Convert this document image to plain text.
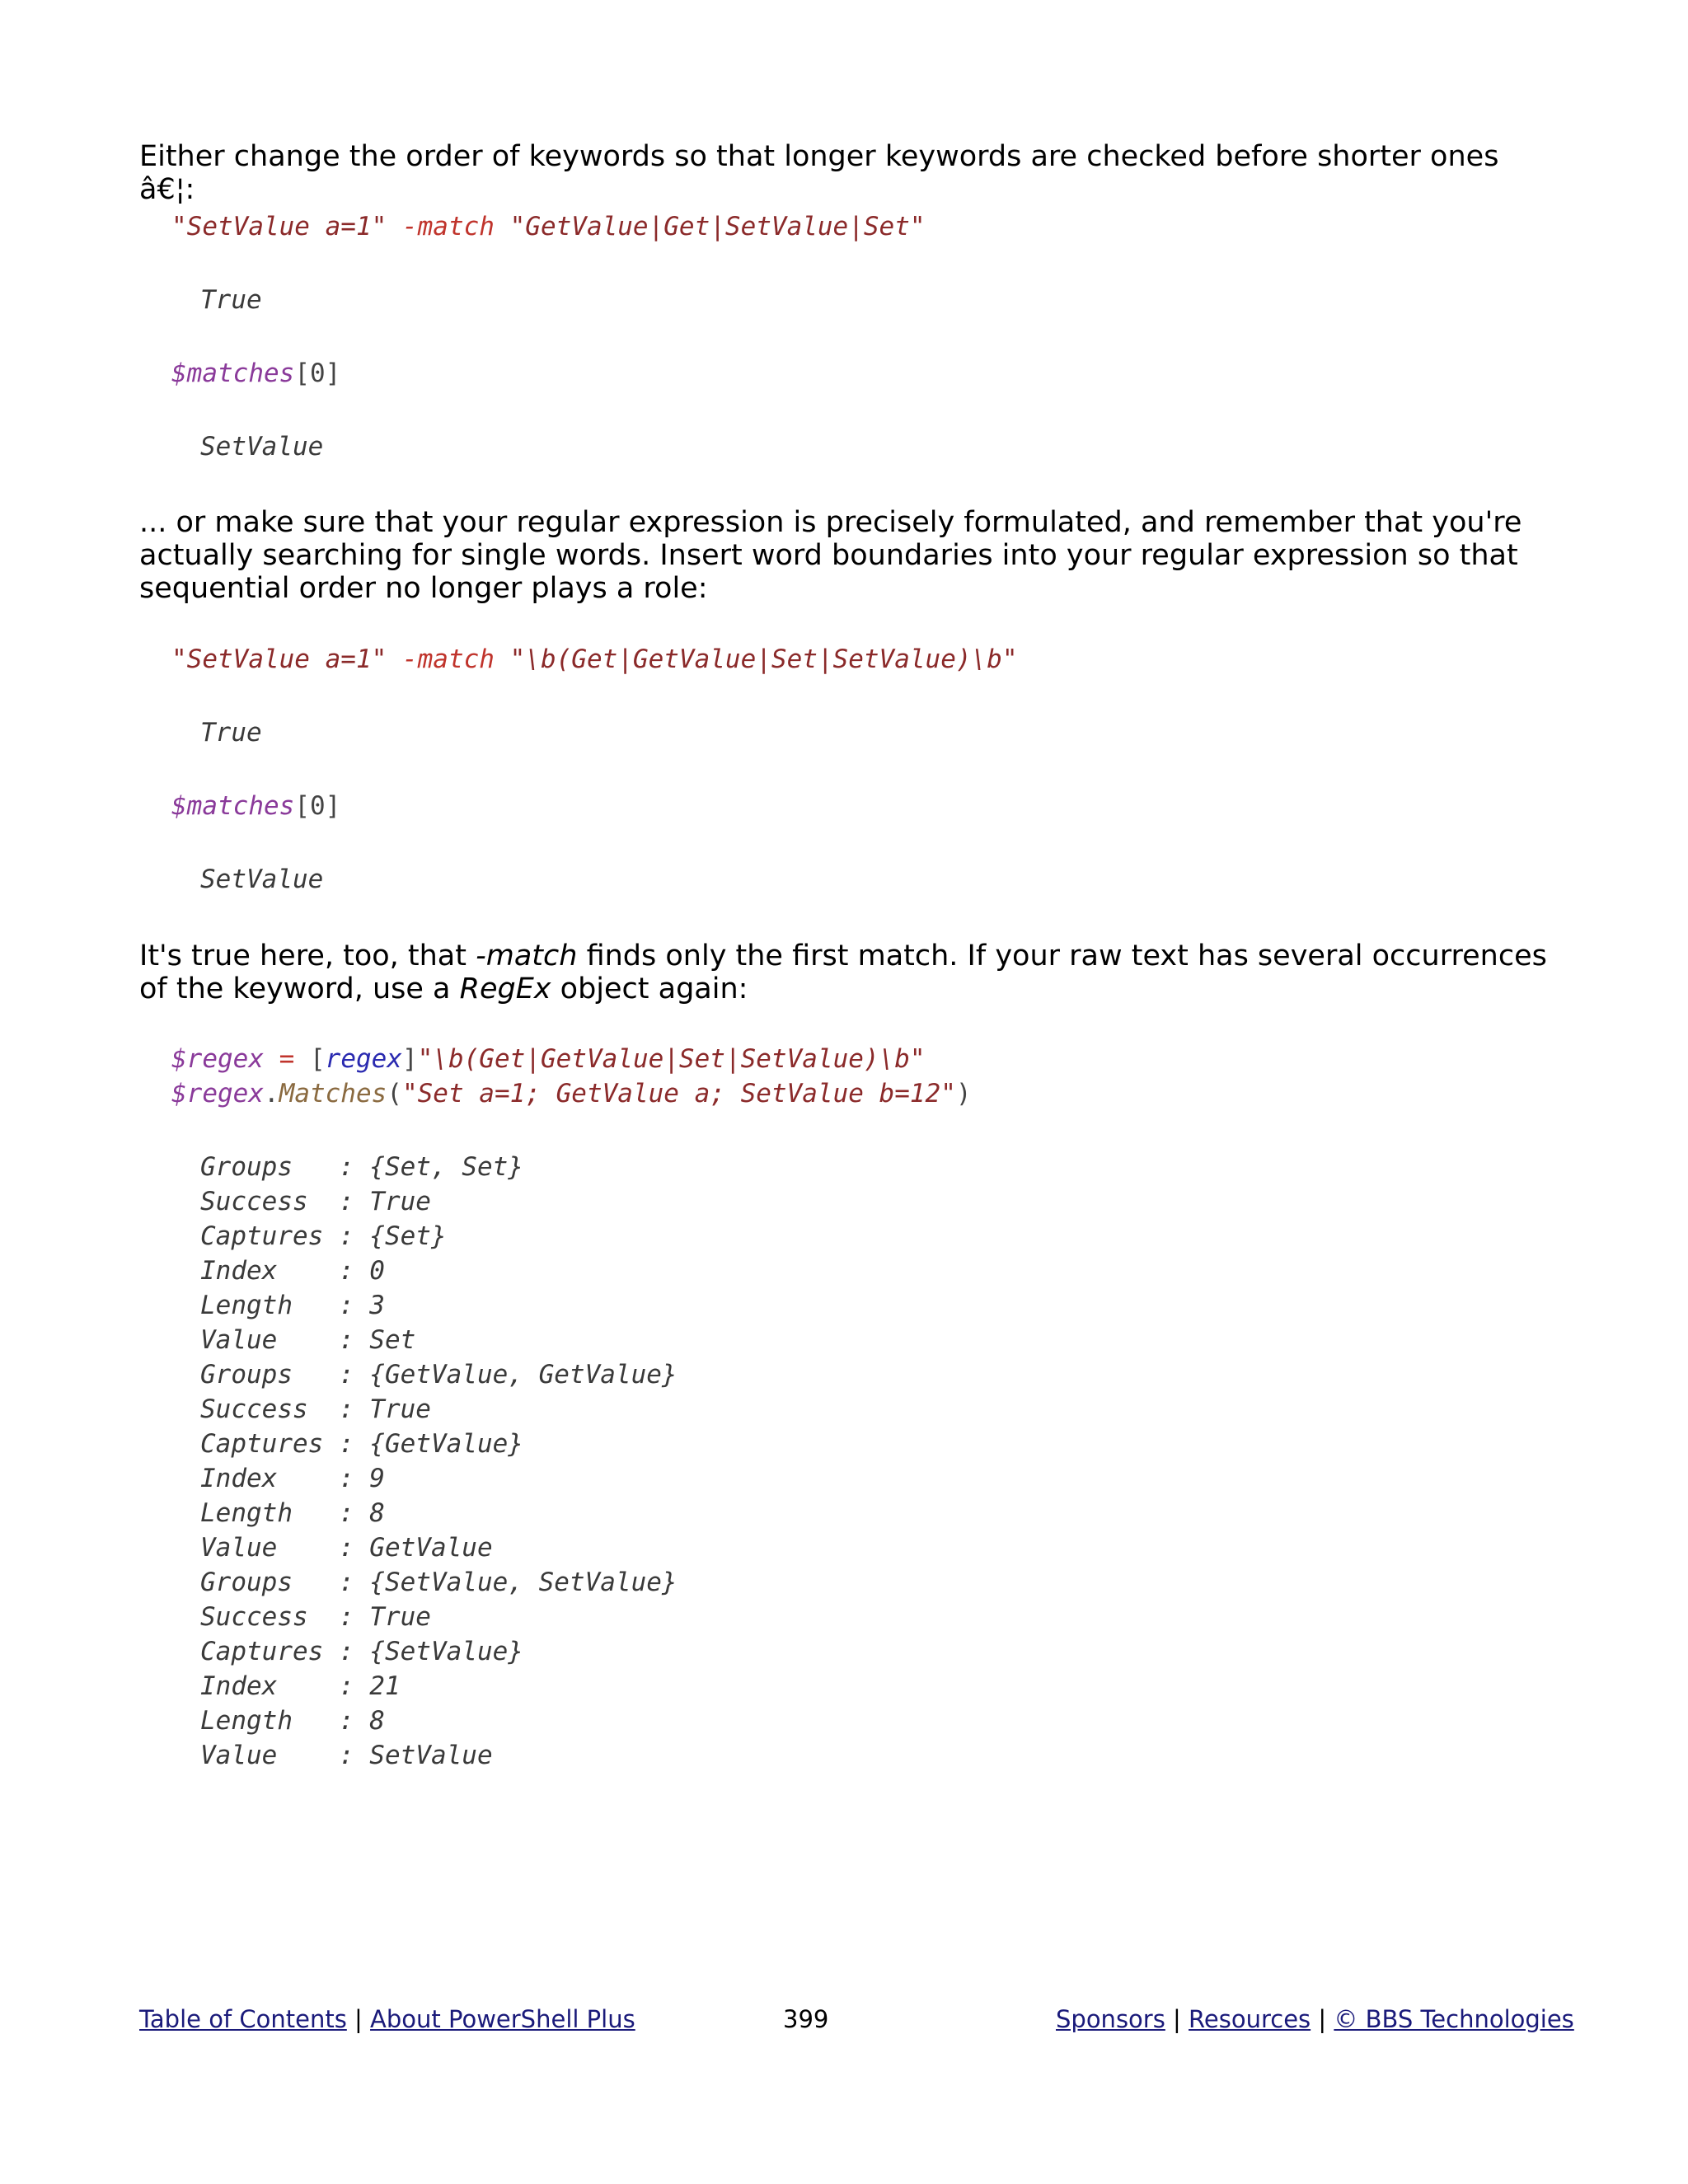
Either change the order of keywords so that longer keywords are checked before shorter ones â€¦:

"SetValue a=1" -match "GetValue|Get|SetValue|Set"
True
$matches[0]
SetValue

... or make sure that your regular expression is precisely formulated, and remember that you're actually searching for single words. Insert word boundaries into your regular expression so that sequential order no longer plays a role:

"SetValue a=1" -match "\b(Get|GetValue|Set|SetValue)\b"
True
$matches[0]
SetValue

It's true here, too, that -match finds only the first match. If your raw text has several occurrences of the keyword, use a RegEx object again:

$regex = [regex]"\b(Get|GetValue|Set|SetValue)\b"
$regex.Matches("Set a=1; GetValue a; SetValue b=12")
Groups   : {Set, Set}
Success  : True
Captures : {Set}
Index    : 0
Length   : 3
Value    : Set
Groups   : {GetValue, GetValue}
Success  : True
Captures : {GetValue}
Index    : 9
Length   : 8
Value    : GetValue
Groups   : {SetValue, SetValue}
Success  : True
Captures : {SetValue}
Index    : 21
Length   : 8
Value    : SetValue
Table of Contents | About PowerShell Plus	399	Sponsors | Resources | © BBS Technologies
